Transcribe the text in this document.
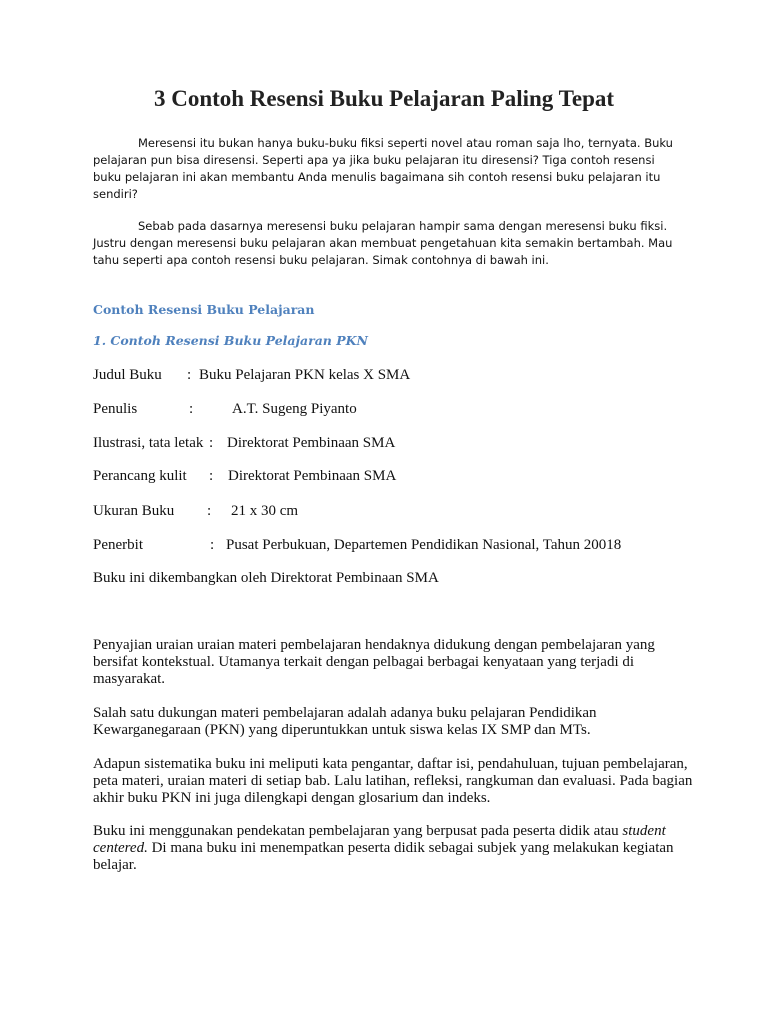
3 Contoh Resensi Buku Pelajaran Paling Tepat

Meresensi itu bukan hanya buku-buku fiksi seperti novel atau roman saja lho, ternyata. Buku pelajaran pun bisa diresensi. Seperti apa ya jika buku pelajaran itu diresensi? Tiga contoh resensi buku pelajaran ini akan membantu Anda menulis bagaimana sih contoh resensi buku pelajaran itu sendiri?

Sebab pada dasarnya meresensi buku pelajaran hampir sama dengan meresensi buku fiksi. Justru dengan meresensi buku pelajaran akan membuat pengetahuan kita semakin bertambah. Mau tahu seperti apa contoh resensi buku pelajaran. Simak contohnya di bawah ini.

Contoh Resensi Buku Pelajaran
1. Contoh Resensi Buku Pelajaran PKN
Judul Buku : Buku Pelajaran PKN kelas X SMA
Penulis	:	A.T. Sugeng Piyanto
Ilustrasi, tata letak : Direktorat Pembinaan SMA
Perancang kulit : Direktorat Pembinaan SMA
Ukuran Buku : 21 x 30 cm
Penerbit	: Pusat Perbukuan, Departemen Pendidikan Nasional, Tahun 20018

Buku ini dikembangkan oleh Direktorat Pembinaan SMA

Penyajian uraian uraian materi pembelajaran hendaknya didukung dengan pembelajaran yang bersifat kontekstual. Utamanya terkait dengan pelbagai berbagai kenyataan yang terjadi di masyarakat.

Salah satu dukungan materi pembelajaran adalah adanya buku pelajaran Pendidikan Kewarganegaraan (PKN) yang diperuntukkan untuk siswa kelas IX SMP dan MTs.

Adapun sistematika buku ini meliputi kata pengantar, daftar isi, pendahuluan, tujuan pembelajaran, peta materi, uraian materi di setiap bab. Lalu latihan, refleksi, rangkuman dan evaluasi. Pada bagian akhir buku PKN ini juga dilengkapi dengan glosarium dan indeks.

Buku ini menggunakan pendekatan pembelajaran yang berpusat pada peserta didik atau student centered. Di mana buku ini menempatkan peserta didik sebagai subjek yang melakukan kegiatan belajar.
